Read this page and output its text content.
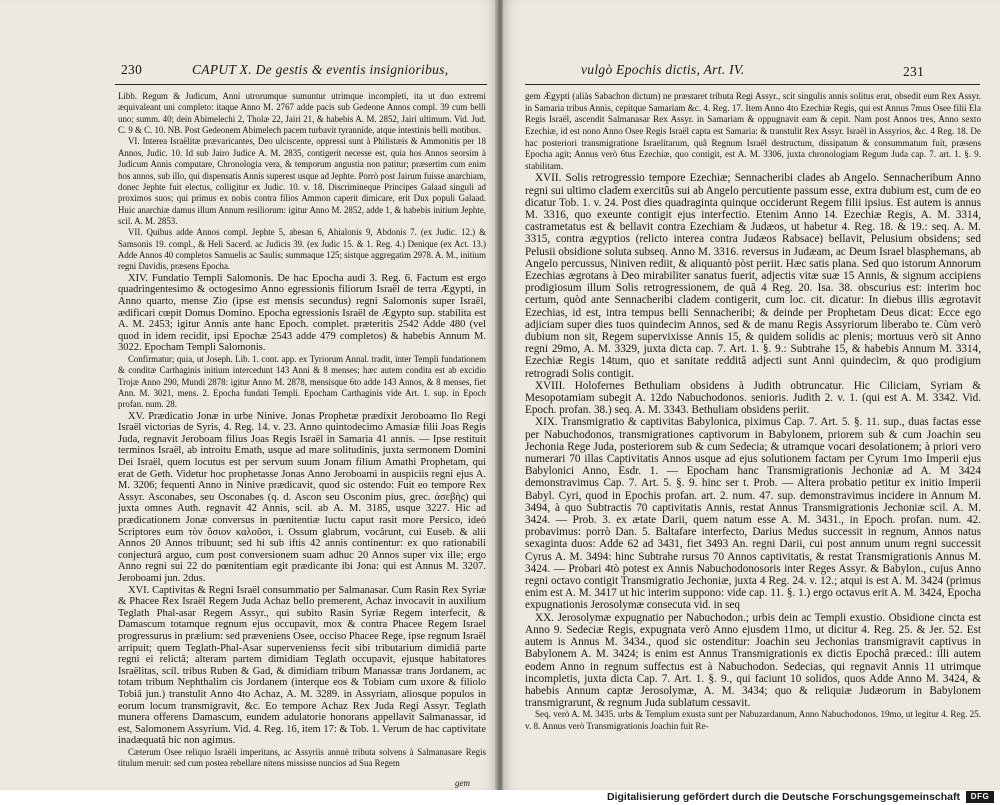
230	CAPUT X. De gestis & eventis insignioribus,

Libb. Regum & Judicum, Anni utrorumque sumuntur utrimque incompleti, ita ut duo extremi æquivaleant uni completo: itaque Anno M. 2767 adde pacis sub Gedeone Annos compl. 39 cum belli uno; summ. 40; dein Abimelechi 2, Tholæ 22, Jairi 21, & habebis A. M. 2852, Jairi ultimum. Vid. Jud. C. 9 & C. 10. NB. Post Gedeonem Abimelech pacem turbavit tyrannide, atque intestinis belli motibus.

VI. Interea Israëlitæ prævaricantes, Deo ulciscente, oppressi sunt à Philistæis & Ammonitis per 18 Annos, Judic. 10. Id sub Jairo Judice A. M. 2835, contigerit necesse est, quia hos Annos seorsim à Judicum Annis computare, Chronologia vera, & temporum angustia non patitur; præsertim cum enim hos annos, sub illo, qui dispensatis Annis superest usque ad Jephte. Porrò post Jairum fuisse anarchiam, donec Jephte fuit electus, colligitur ex Judic. 10. v. 18. Discrimineque Principes Galaad singuli ad proximos suos; qui primus ex nobis contra filios Ammon caperit dimicare, erit Dux populi Galaad. Huic anarchiæ damus illum Annum resiliorum: igitur Anno M. 2852, adde 1, & habebis initium Jephte, scil. A. M. 2853.

VII. Quibus adde Annos compl. Jephte 5, abesan 6, Ahialonis 9, Abdonis 7. (ex Judic. 12.) & Samsonis 19. compl., & Heli Sacerd. ac Judicis 39. (ex Judic 15. & 1. Reg. 4.) Denique (ex Act. 13.) Adde Annos 40 completos Samuelis ac Saulis; summaque 125; sistque aggregatim 2978. A. M., initium regni Davidis, præsens Epocha.

XIV. Fundatio Templi Salomonis. De hac Epocha audi 3. Reg. 6. Factum est ergo quadringentesimo & octogesimo Anno egressionis filiorum Israël de terra Ægypti, in Anno quarto, mense Zio (ipse est mensis secundus) regni Salomonis super Israël, ædificari cœpit Domus Domino. Epocha egressionis Israël de Ægypto sup. stabilita est A. M. 2453; igitur Annis ante hanc Epoch. complet. præteritis 2542 Adde 480 (vel quod in idem recidit, ipsi Epochæ 2543 adde 479 completos) & habebis Annum M. 3022. Epocham Templi Salomonis.

Confirmatur; quia, ut Joseph. Lib. 1. cont. app. ex Tyriorum Annal. tradit, inter Templi fundationem & conditæ Carthaginis initium intercedunt 143 Anni & 8 menses; hæc autem condita est ab excidio Trojæ Anno 290, Mundi 2878: igitur Anno M. 2878, mensisque 6to adde 143 Annos, & 8 menses, fiet Ann. M. 3021, mens. 2. Epocha fundati Templi. Epocham Carthaginis vide Art. 1. sup. in Epoch profan. num. 28.

XV. Prædicatio Jonæ in urbe Ninive. Jonas Prophetæ prædixit Jeroboamo Ilo Regi Israël victorias de Syris, 4. Reg. 14. v. 23. Anno quintodecimo Amasiæ filii Joas Regis Juda, regnavit Jeroboam filius Joas Regis Israël in Samaria 41 annis. — Ipse restituit terminos Israël, ab introitu Emath, usque ad mare solitudinis, juxta sermonem Domini Dei Israël, quem locutus est per servum suum Jonam filium Amathi Prophetam, qui erat de Geth. Videtur hoc prophetasse Jonas Anno Jeroboami in auspiciis regni ejus A. M. 3206; fequenti Anno in Ninive prædicavit, quod sic ostendo: Fuit eo tempore Rex Assyr. Asconabes, seu Osconabes (q. d. Ascon seu Osconim pius, grec. ἀσεβὴς) qui juxta omnes Auth. regnavit 42 Annis, scil. ab A. M. 3185, usque 3227. Hic ad prædicationem Jonæ conversus in pœnitentiæ luctu caput rasit more Persico, ideò Scriptores eum τὸν ὄσιον καλοῦσι, i. Ossum glabrum, vocârunt, cui Euseb. & alii Annos 20 Annos tribuunt; sed hi sub iftis 42 annis continentur: ex quo rationabili conjecturâ arguo, cum post conversionem suam adhuc 20 Annos super vix ille; ergo Anno regni sui 22 do pœnitentiam egit prædicante ibi Jona: qui est Annus M. 3207. Jeroboami jun. 2dus.

XVI. Captivitas & Regni Israël consummatio per Salmanasar. Cum Rasin Rex Syriæ & Phacee Rex Israël Regem Juda Achaz bello premerent, Achaz invocavit in auxilium Teglath Phal-asar Regem Assyr., qui subito Rasin Syriæ Regem interfecit, & Damascum totamque regnum ejus occupavit, mox & contra Phacee Regem Israel progressurus in prælium: sed præveniens Osee, occiso Phacee Rege, ipse regnum Israël arripuit; quem Teglath-Phal-Asar supervenienss fecit sibi tributarium dimidiâ parte regni ei relictâ; alteram partem dimidiam Teglath occupavit, ejusque habitatores Israëlitas, scil. tribus Ruben & Gad, & dimidiam tribum Manassæ trans Jordanem, ac totam tribum Nephthalim cis Jordanem (interque eos & Tobiam cum uxore & filiolo Tobiâ jun.) transtulit Anno 4to Achaz, A. M. 3289. in Assyriam, aliosque populos in eorum locum transmigravit, &c. Eo tempore Achaz Rex Juda Regi Assyr. Teglath munera offerens Damascum, eundem adulatorie honorans appellavit Salmanassar, id est, Salomonem Assyrium. Vid. 4. Reg. 16, item 17: & Tob. 1. Verum de hac captivitate inadæquatâ hic non agimus.

Cæterum Osee reliquo Israëli imperitans, ac Assyriis annuè tributa solvens à Salmanasare Regis titulum meruit: sed cum postea rebellare nitens mississe nuncios ad Sua Regem

gem
vulgò Epochis dictis, Art. IV.	231

gem Ægypti (aliàs Sabachon dictum) ne præstaret tributa Regi Assyr., scit singulis annis solitus erat, obsedit eum Rex Assyr. in Samaria tribus Annis, cepitque Samariam &c. 4. Reg. 17. Item Anno 4to Ezechiæ Regis, qui est Annus 7mus Osee filii Ela Regis Israël, ascendit Salmanasar Rex Assyr. in Samariam & oppugnavit eam & cepit. Nam post Annos tres, Anno sexto Ezechiæ, id est nono Anno Osee Regis Israël capta est Samaria: & transtulit Rex Assyr. Israël in Assyrios, &c. 4 Reg. 18. De hac posteriori transmigratione Israelitarum, quâ Regnum Israël destructum, dissipatum & consummatum fuit, præsens Epocha agit; Annus verò 6tus Ezechiæ, quo contigit, est A. M. 3306, juxta chronologiam Regum Juda cap. 7. art. 1. §. 9. stabilitam.

XVII. Solis retrogressio tempore Ezechiæ; Sennacheribi clades ab Angelo. Sennacheribum Anno regni sui ultimo cladem exercitûs sui ab Angelo percutiente passum esse, extra dubium est, cum de eo dicatur Tob. 1. v. 24. Post dies quadraginta quinque occiderunt Regem filii ipsius. Est autem is annus M. 3316, quo exeunte contigit ejus interfectio. Etenim Anno 14. Ezechiæ Regis, A. M. 3314, castrametatus est & bellavit contra Ezechiam & Judæos, ut habetur 4. Reg. 18. & 19.: seq. A. M. 3315, contra ægyptios (relicto interea contra Judæos Rabsace) bellavit, Pelusium obsidens; sed Pelusii obsidione soluta subseq. Anno M. 3316. reversus in Judæam, ac Deum Israel blasphemans, ab Angelo percussus, Niniven rediit, & aliquantò pòst periit. Hæc satis plana. Sed quo istorum Annorum Ezechias ægrotans à Deo mirabiliter sanatus fuerit, adjectis vitæ suæ 15 Annis, & signum accipiens prodigiosum illum Solis retrogressionem, de quâ 4 Reg. 20. Isa. 38. obscurius est: interim hoc certum, quòd ante Sennacheribi cladem contigerit, cum loc. cit. dicatur: In diebus illis ægrotavit Ezechias, id est, intra tempus belli Sennacheribi; & deinde per Prophetam Deus dicat: Ecce ego adjiciam super dies tuos quindecim Annos, sed & de manu Regis Assyriorum liberabo te. Cùm verò dubium non sit, Regem supervixisse Annis 15, & quidem solidis ac plenis; mortuus verò sit Anno regni 29mo, A. M. 3329, juxta dicta cap. 7. Art. 1. §. 9.: Subtrahe 15, & habebis Annum M. 3314, Ezechiæ Regis 14tum, quo et sanitate redditâ adjecti sunt Anni quindecim, & quo prodigium retrogradi Solis contigit.

XVIII. Holofernes Bethuliam obsidens à Judith obtruncatur. Hic Ciliciam, Syriam & Mesopotamiam subegit A. 12do Nabuchodonos. senioris. Judith 2. v. 1. (qui est A. M. 3342. Vid. Epoch. profan. 38.) seq. A. M. 3343. Bethuliam obsidens periit.

XIX. Transmigratio & captivitas Babylonica, piximus Cap. 7. Art. 5. §. 11. sup., duas factas esse per Nabuchodonos, transmigrationes captivorum in Babylonem, priorem sub & cum Joachin seu Jechonia Rege Juda, posteriorem sub & cum Sedecia; & utramque vocari desolationem; à priori vero numerari 70 illas Captivitatis Annos usque ad ejus solutionem factam per Cyrum 1mo Imperii ejus Babylonici Anno, Esdr. 1. — Epocham hanc Transmigrationis Jechoniæ ad A. M 3424 demonstravimus Cap. 7. Art. 5. §. 9. hinc ser t. Prob. — Altera probatio petitur ex initio Imperii Babyl. Cyri, quod in Epochis profan. art. 2. num. 47. sup. demonstravimus incidere in Annum M. 3494, à quo Subtractis 70 captivitatis Annis, restat Annus Transmigrationis Jechoniæ scil. A. M. 3424. — Prob. 3. ex ætate Darii, quem natum esse A. M. 3431., in Epoch. profan. num. 42. probavimus: porrò Dan. 5. Baltafare interfecto, Darius Medus successit in regnum, Annos natus sexaginta duos: Adde 62 ad 3431, fiet 3493 An. regni Darii, cui post annum unum regni successit Cyrus A. M. 3494: hinc Subtrahe rursus 70 Annos captivitatis, & restat Transmigrationis Annus M. 3424. — Probari 4tò potest ex Annis Nabuchodonosoris inter Reges Assyr. & Babylon., cujus Anno regni octavo contigit Transmigratio Jechoniæ, juxta 4 Reg. 24. v. 12.; atqui is est A. M. 3424 (primus enim est A. M. 3417 ut hic interim suppono: vide cap. 11. §. 1.) ergo octavus erit A. M. 3424, Epocha expugnationis Jerosolymæ consecuta vid. in seq

XX. Jerosolymæ expugnatio per Nabuchodon.; urbis dein ac Templi exustio. Obsidione cincta est Anno 9. Sedeciæ Regis, expugnata verò Anno ejusdem 11mo, ut dicitur 4. Reg. 25. & Jer. 52. Est autem is Annus M. 3434., quod sic ostenditur: Joachin seu Jechonias transmigravit captivus in Babylonem A. M. 3424; is enim est Annus Transmigrationis ex dictis Epochâ præced.: illi autem eodem Anno in regnum suffectus est à Nabuchodon. Sedecias, qui regnavit Annis 11 utrimque incompletis, juxta dicta Cap. 7. Art. 1. §. 9., qui faciunt 10 solidos, quos Adde Anno M. 3424, & habebis Annum captæ Jerosolymæ, A. M. 3434; quo & reliquiæ Judæorum in Babylonem transmigrarunt, & regnum Juda sublatum cessavit.

Seq. verò A. M. 3435. urbs & Templum exusta sunt per Nabuzardanum, Anno Nabuchodonos. 19mo, ut legitur 4. Reg. 25. v. 8. Annus verò Transmigrationis Joachin fuit Re-

Digitalisierung gefördert durch die Deutsche Forschungsgemeinschaft	DFG
